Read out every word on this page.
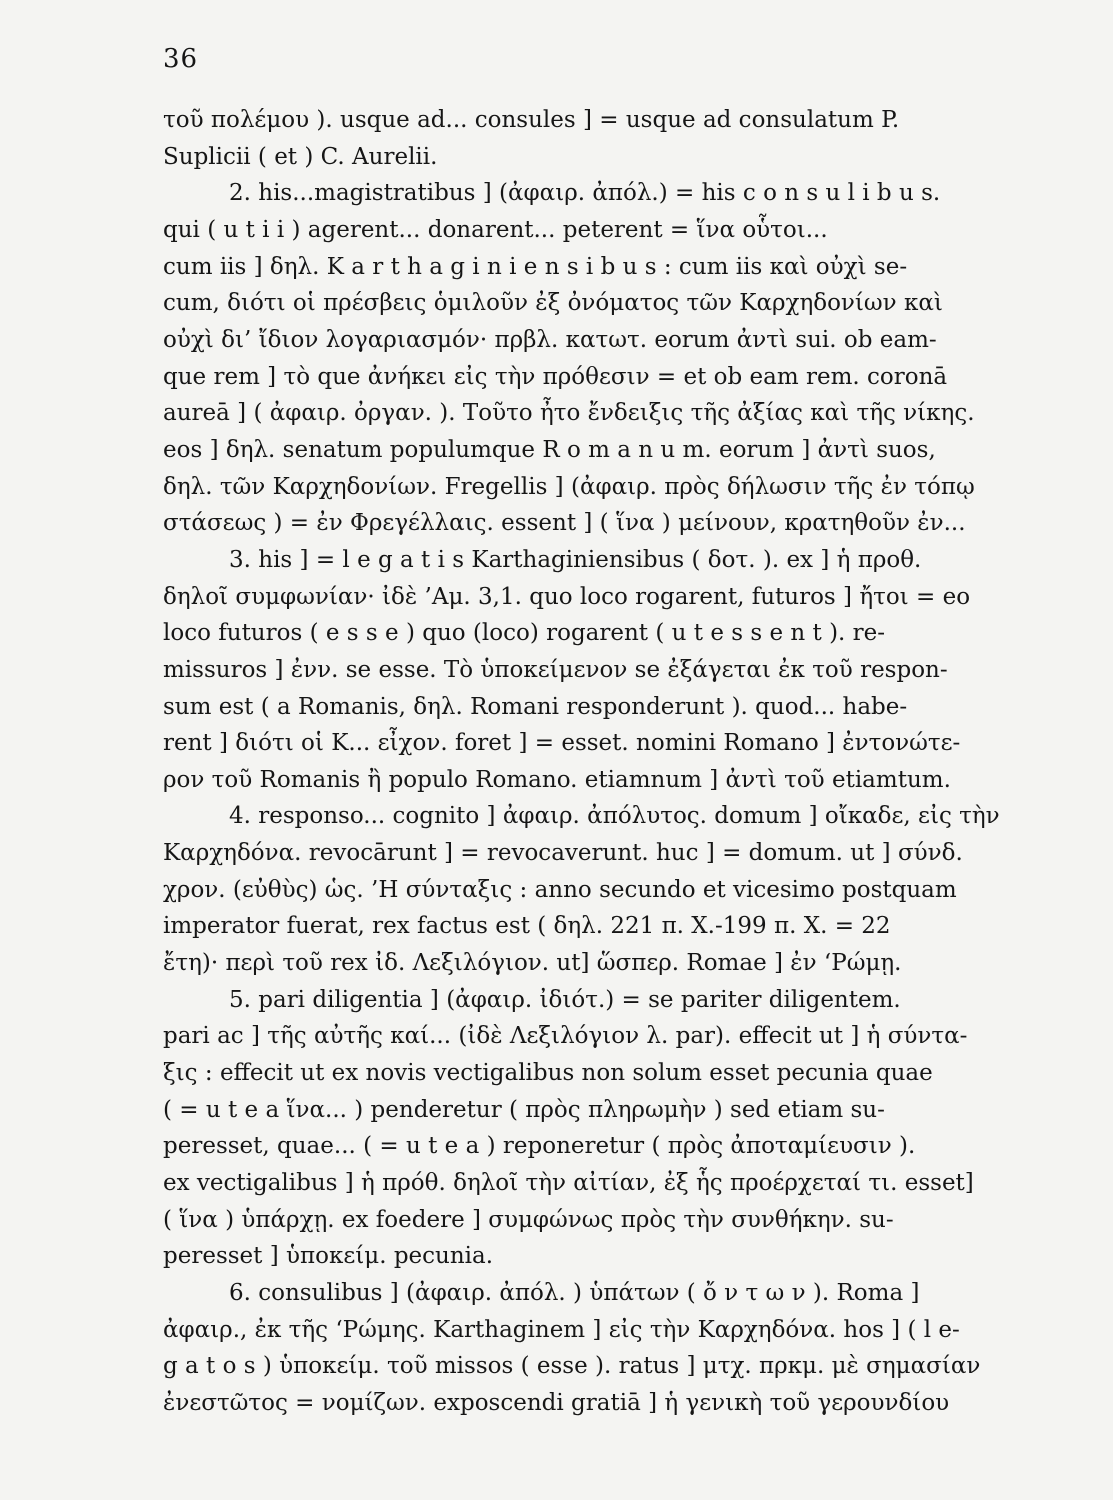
36
τοῦ πολέμου ). usque ad... consules ] = usque ad consulatum P.
Suplicii ( et ) C. Aurelii.
2. his...magistratibus ] (ἀφαιρ. ἀπόλ.) = his c o n s u l i b u s.
qui ( u t i i ) agerent... donarent... peterent = ἵνα οὗτοι...
cum iis ] δηλ. K a r t h a g i n i e n s i b u s : cum iis καὶ οὐχὶ se-
cum, διότι οἱ πρέσβεις ὁμιλοῦν ἐξ ὀνόματος τῶν Καρχηδονίων καὶ
οὐχὶ δι’ ἴδιον λογαριασμόν· πρβλ. κατωτ. eorum ἀντὶ sui. ob eam-
que rem ] τὸ que ἀνήκει εἰς τὴν πρόθεσιν = et ob eam rem. coronā
aureā ] ( ἀφαιρ. ὀργαν. ). Τοῦτο ἦτο ἔνδειξις τῆς ἀξίας καὶ τῆς νίκης.
eos ] δηλ. senatum populumque R o m a n u m. eorum ] ἀντὶ suos,
δηλ. τῶν Καρχηδονίων. Fregellis ] (ἀφαιρ. πρὸς δήλωσιν τῆς ἐν τόπῳ
στάσεως ) = ἐν Φρεγέλλαις. essent ] ( ἵνα ) μείνουν, κρατηθοῦν ἐν...
3. his ] = l e g a t i s Karthaginiensibus ( δοτ. ). ex ] ἡ προθ.
δηλοῖ συμφωνίαν· ἰδὲ ’Αμ. 3,1. quo loco rogarent, futuros ] ἤτοι = eo
loco futuros ( e s s e ) quo (loco) rogarent ( u t e s s e n t ). re-
missuros ] ἐνν. se esse. Τὸ ὑποκείμενον se ἐξάγεται ἐκ τοῦ respon-
sum est ( a Romanis, δηλ. Romani responderunt ). quod... habe-
rent ] διότι οἱ Κ... εἶχον. foret ] = esset. nomini Romano ] ἐντονώτε-
ρον τοῦ Romanis ἢ populo Romano. etiamnum ] ἀντὶ τοῦ etiamtum.
4. responso... cognito ] ἀφαιρ. ἀπόλυτος. domum ] οἴκαδε, εἰς τὴν
Καρχηδόνα. revocārunt ] = revocaverunt. huc ] = domum. ut ] σύνδ.
χρον. (εὐθὺς) ὡς. ’Η σύνταξις : anno secundo et vicesimo postquam
imperator fuerat, rex factus est ( δηλ. 221 π. Χ.-199 π. Χ. = 22
ἔτη)· περὶ τοῦ rex ἰδ. Λεξιλόγιον. ut] ὥσπερ. Romae ] ἐν ‘Ρώμῃ.
5. pari diligentia ] (ἀφαιρ. ἰδιότ.) = se pariter diligentem.
pari ac ] τῆς αὐτῆς καί... (ἰδὲ Λεξιλόγιον λ. par). effecit ut ] ἡ σύντα-
ξις : effecit ut ex novis vectigalibus non solum esset pecunia quae
( = u t e a ἵνα... ) penderetur ( πρὸς πληρωμὴν ) sed etiam su-
peresset, quae... ( = u t e a ) reponeretur ( πρὸς ἀποταμίευσιν ).
ex vectigalibus ] ἡ πρόθ. δηλοῖ τὴν αἰτίαν, ἐξ ἧς προέρχεταί τι. esset]
( ἵνα ) ὑπάρχῃ. ex foedere ] συμφώνως πρὸς τὴν συνθήκην. su-
peresset ] ὑποκείμ. pecunia.
6. consulibus ] (ἀφαιρ. ἀπόλ. ) ὑπάτων ( ὄ ν τ ω ν ). Roma ]
ἀφαιρ., ἐκ τῆς ‘Ρώμης. Karthaginem ] εἰς τὴν Καρχηδόνα. hos ] ( l e-
g a t o s ) ὑποκείμ. τοῦ missos ( esse ). ratus ] μτχ. πρκμ. μὲ σημασίαν
ἐνεστῶτος = νομίζων. exposcendi gratiā ] ἡ γενικὴ τοῦ γερουνδίου
